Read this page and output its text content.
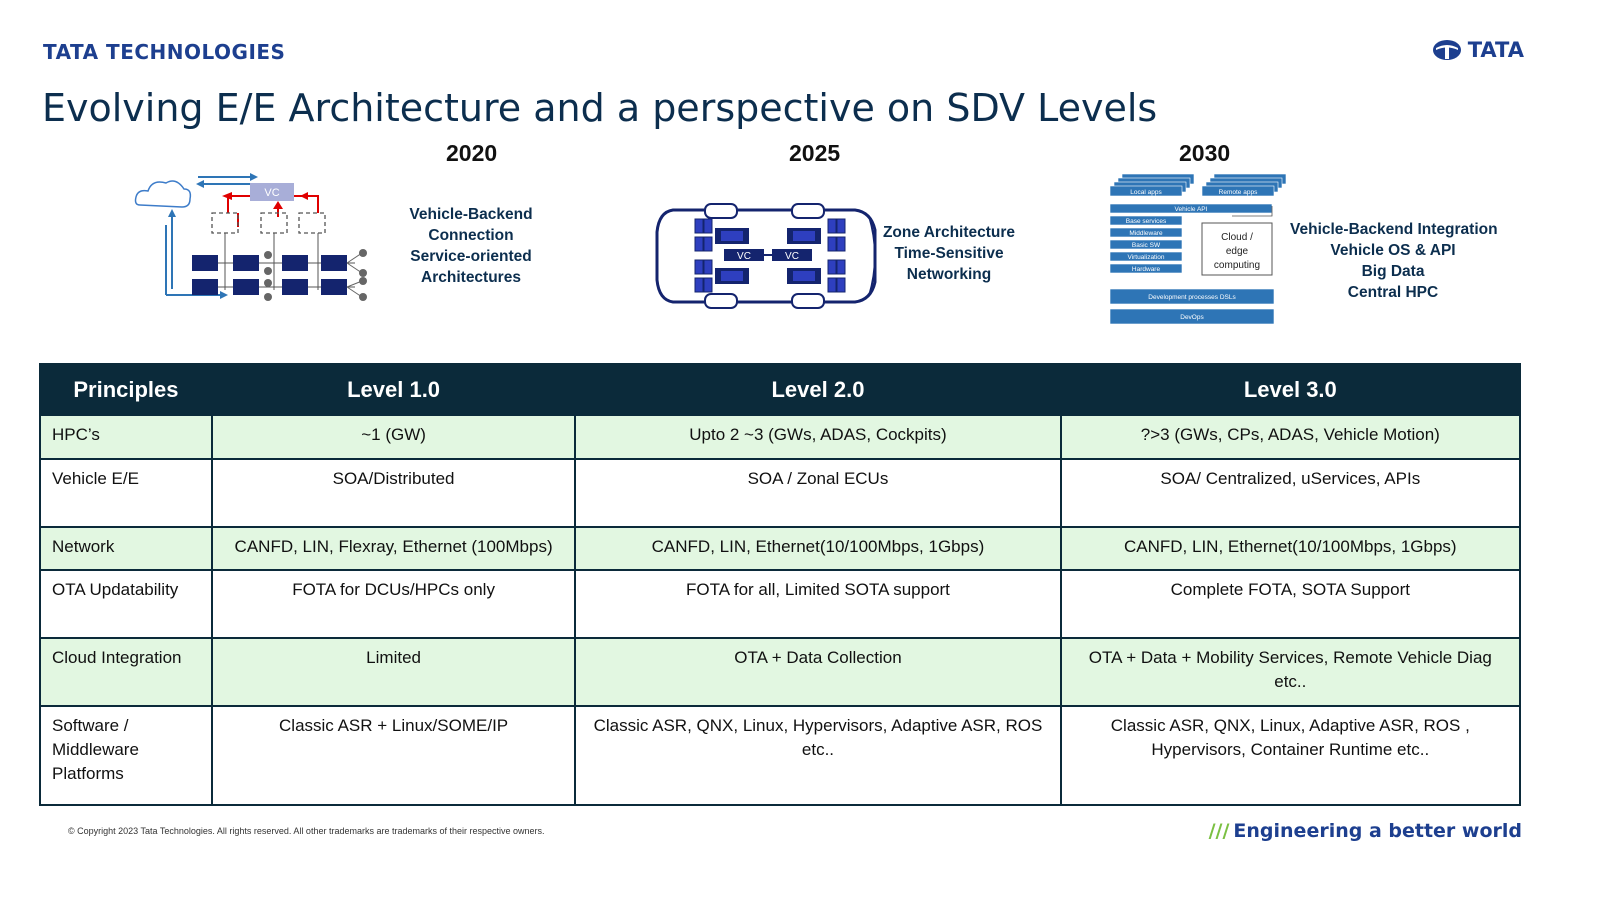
TATA TECHNOLOGIES	TATA
Evolving E/E Architecture and a perspective on SDV Levels
2020	2025	2030
VC
Vehicle-Backend
Connection
Service-oriented
Architectures
VC	VC
Zone Architecture
Time-Sensitive
Networking
Local apps	Remote apps
Vehicle API
Base services
Middleware
Basic SW
Virtualization
Hardware
Cloud /
edge
computing
Development processes DSLs
DevOps
Vehicle-Backend Integration
Vehicle OS & API
Big Data
Central HPC
Principles	Level 1.0	Level 2.0	Level 3.0
HPC’s	~1 (GW)	Upto 2 ~3 (GWs, ADAS, Cockpits)	?>3 (GWs, CPs, ADAS, Vehicle Motion)
Vehicle E/E	SOA/Distributed	SOA / Zonal ECUs	SOA/ Centralized, uServices, APIs
Network	CANFD, LIN, Flexray, Ethernet (100Mbps)	CANFD, LIN, Ethernet(10/100Mbps, 1Gbps)	CANFD, LIN, Ethernet(10/100Mbps, 1Gbps)
OTA Updatability	FOTA for DCUs/HPCs only	FOTA for all, Limited SOTA support	Complete FOTA, SOTA Support
Cloud Integration	Limited	OTA + Data Collection	OTA + Data + Mobility Services, Remote Vehicle Diag etc..
Software / Middleware Platforms	Classic ASR + Linux/SOME/IP	Classic ASR, QNX, Linux, Hypervisors, Adaptive ASR, ROS etc..	Classic ASR, QNX, Linux, Adaptive ASR, ROS , Hypervisors, Container Runtime etc..
© Copyright 2023 Tata Technologies. All rights reserved. All other trademarks are trademarks of their respective owners.	/// Engineering a better world
